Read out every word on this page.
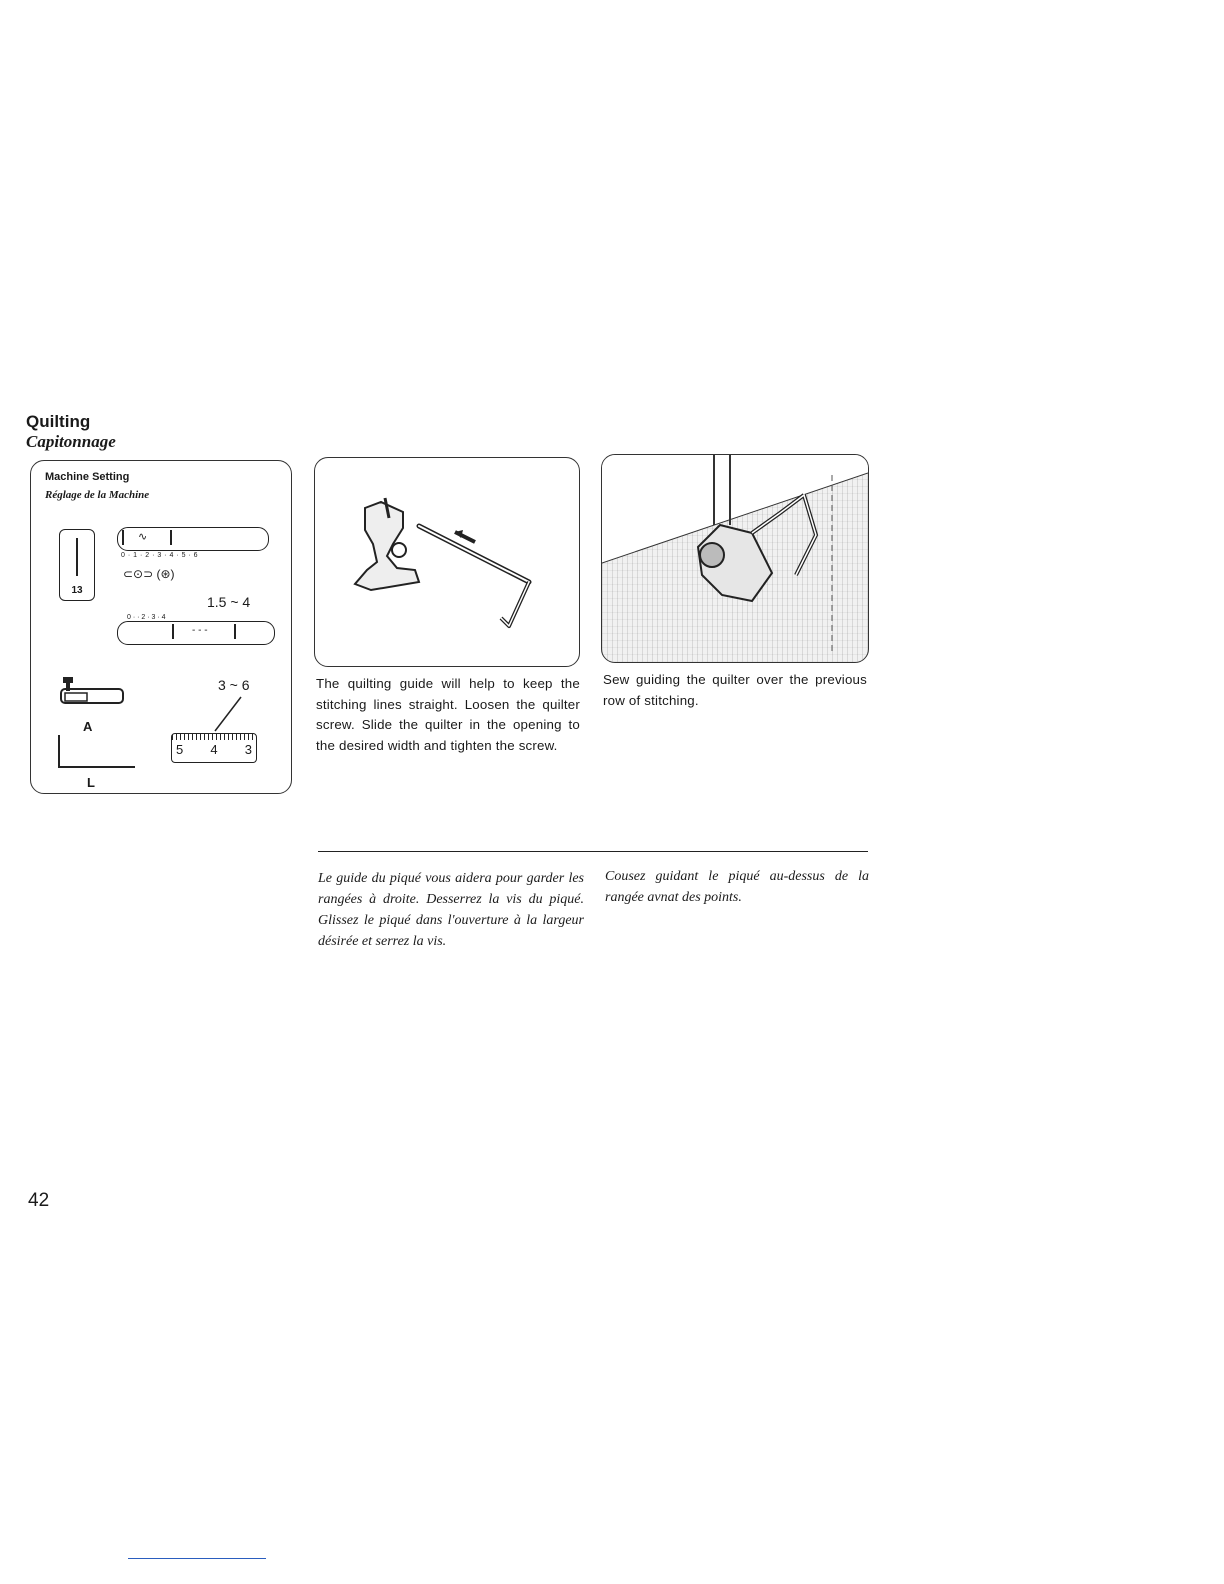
Quilting
Capitonnage
Machine Setting
Réglage de la Machine
13
∿
0 · 1 · 2 · 3 · 4 · 5 · 6
⊂⊙⊃ (⊛)
1.5 ~ 4
0 · · 2 · 3 · 4
- - -
A
L
3 ~ 6
5 4 3
The quilting guide will help to keep the stitching lines straight. Loosen the quilter screw. Slide the quilter in the opening to the desired width and tighten the screw.
Sew guiding the quilter over the previous row of stitching.
Le guide du piqué vous aidera pour garder les rangées à droite. Desserrez la vis du piqué. Glissez le piqué dans l'ouverture à la largeur désirée et serrez la vis.
Cousez guidant le piqué au-dessus de la rangée avnat des points.
42
